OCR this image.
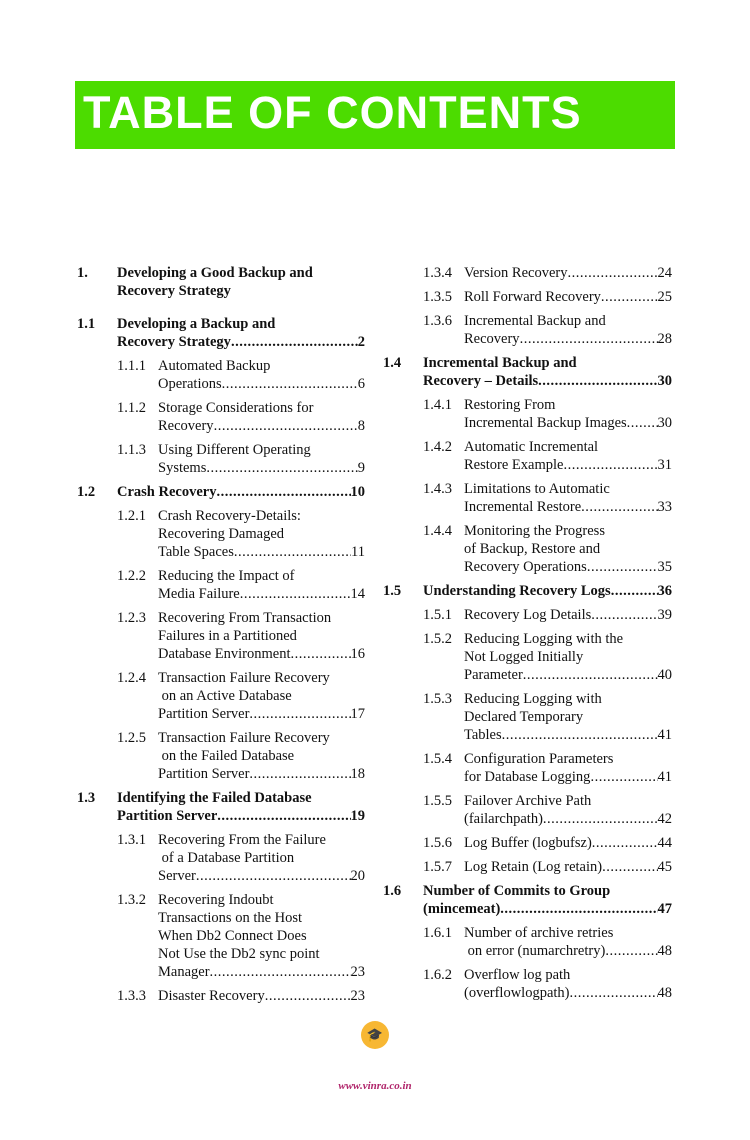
TABLE OF CONTENTS
1.	Developing a Good Backup and
Recovery Strategy
1.1	Developing a Backup and
Recovery Strategy .....	2
1.1.1 Automated Backup
Operations .....	6
1.1.2 Storage Considerations for
Recovery .....	8
1.1.3 Using Different Operating
Systems .....	9
1.2	Crash Recovery .....	10
1.2.1 Crash Recovery-Details:
Recovering Damaged
Table Spaces .....	11
1.2.2 Reducing the Impact of
Media Failure .....	14
1.2.3 Recovering From Transaction
Failures in a Partitioned
Database Environment .....	16
1.2.4 Transaction Failure Recovery
on an Active Database
Partition Server .....	17
1.2.5 Transaction Failure Recovery
on the Failed Database
Partition Server .....	18
1.3	Identifying the Failed Database
Partition Server .....	19
1.3.1 Recovering From the Failure
of a Database Partition
Server .....	20
1.3.2 Recovering Indoubt
Transactions on the Host
When Db2 Connect Does
Not Use the Db2 sync point
Manager .....	23
1.3.3 Disaster Recovery .....	23
1.3.4 Version Recovery .....	24
1.3.5 Roll Forward Recovery .....	25
1.3.6 Incremental Backup and
Recovery .....	28
1.4	Incremental Backup and
Recovery – Details .....	30
1.4.1 Restoring From
Incremental Backup Images ..... 30
1.4.2 Automatic Incremental
Restore Example .....	31
1.4.3 Limitations to Automatic
Incremental Restore .....	33
1.4.4 Monitoring the Progress
of Backup, Restore and
Recovery Operations .....	35
1.5	Understanding Recovery Logs .....	36
1.5.1 Recovery Log Details .....	39
1.5.2 Reducing Logging with the
Not Logged Initially
Parameter .....	40
1.5.3 Reducing Logging with
Declared Temporary
Tables .....	41
1.5.4 Configuration Parameters
for Database Logging .....	41
1.5.5 Failover Archive Path
(failarchpath) .....	42
1.5.6 Log Buffer (logbufsz) .....	44
1.5.7 Log Retain (Log retain) .....	45
1.6	Number of Commits to Group
(mincemeat) .....	47
1.6.1 Number of archive retries
on error (numarchretry) .....	48
1.6.2 Overflow log path
(overflowlogpath) .....	48
🎓
www.vinra.co.in
